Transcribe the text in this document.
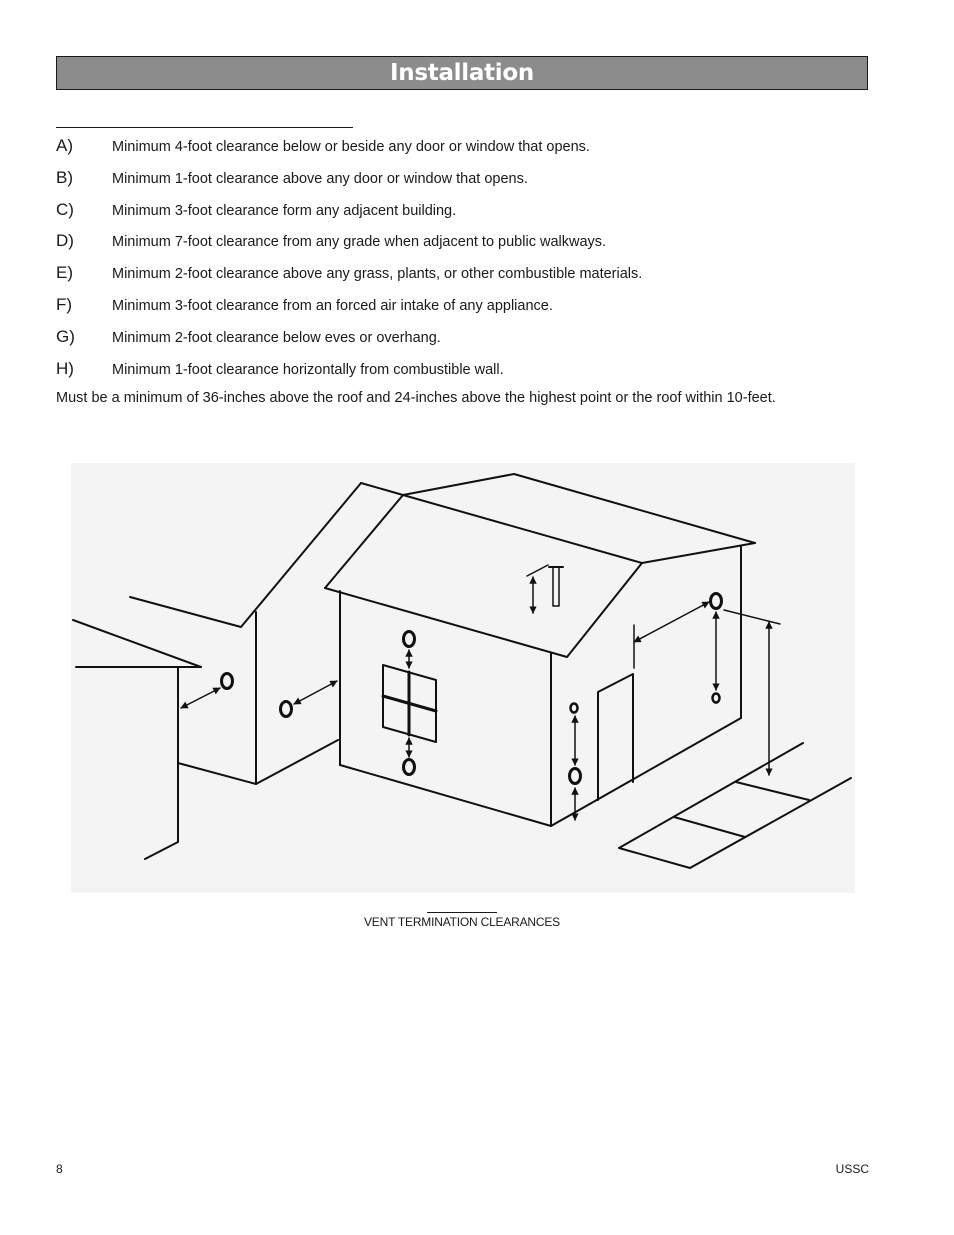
Installation
A)	Minimum 4-foot clearance below or beside any door or window that opens.
B)	Minimum 1-foot clearance above any door or window that opens.
C)	Minimum 3-foot clearance form any adjacent building.
D)	Minimum 7-foot clearance from any grade when adjacent to public walkways.
E)	Minimum 2-foot clearance above any grass, plants, or other combustible materials.
F)	Minimum 3-foot clearance from an forced air intake of any appliance.
G)	Minimum 2-foot clearance below eves or overhang.
H)	Minimum 1-foot clearance horizontally from combustible wall.
Must be a minimum of 36-inches above the roof and 24-inches above the highest point or the roof within 10-feet.
VENT TERMINATION CLEARANCES
8	USSC
